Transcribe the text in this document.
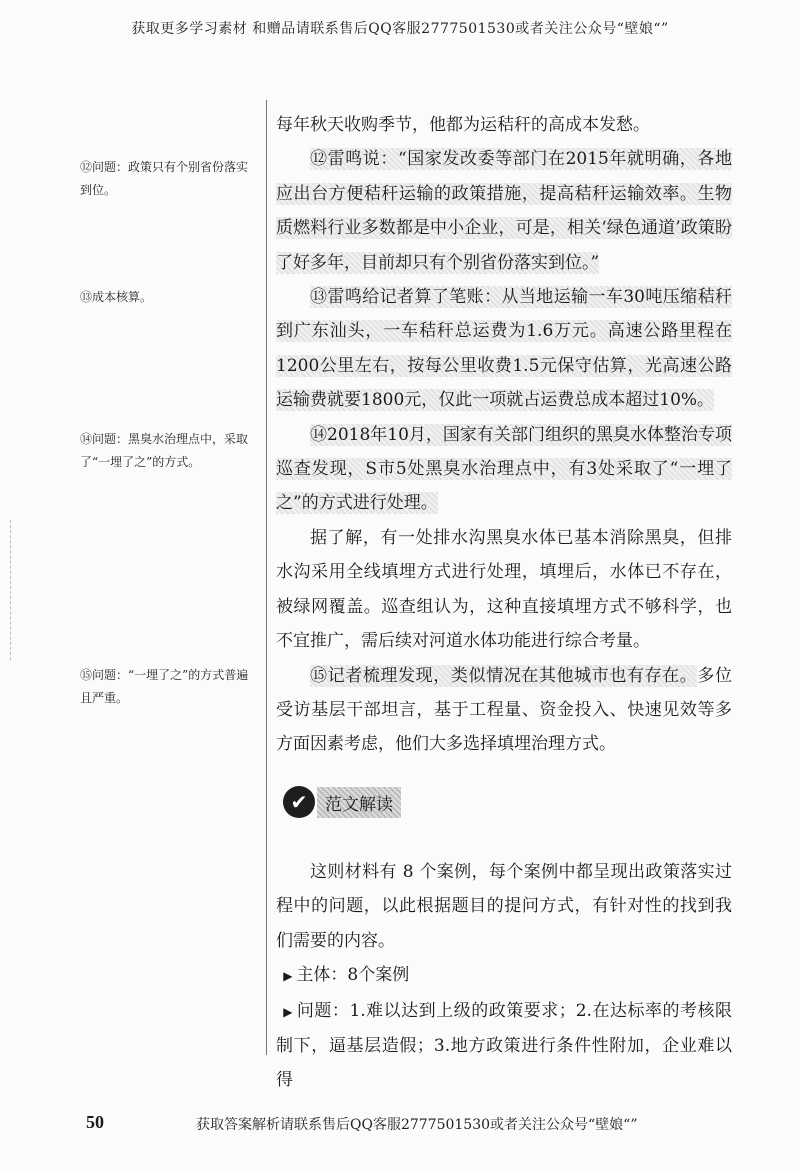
获取更多学习素材 和赠品请联系售后QQ客服2777501530或者关注公众号“壁娘“”
⑫问题：政策只有个别省份落实到位。
⑬成本核算。
⑭问题：黑臭水治理点中，采取了“一埋了之”的方式。
⑮问题：“一埋了之”的方式普遍且严重。

每年秋天收购季节，他都为运秸秆的高成本发愁。

⑫雷鸣说：“国家发改委等部门在2015年就明确，各地应出台方便秸秆运输的政策措施，提高秸秆运输效率。生物质燃料行业多数都是中小企业，可是，相关‘绿色通道’政策盼了好多年，目前却只有个别省份落实到位。”

⑬雷鸣给记者算了笔账：从当地运输一车30吨压缩秸秆到广东汕头，一车秸秆总运费为1.6万元。高速公路里程在1200公里左右，按每公里收费1.5元保守估算，光高速公路运输费就要1800元，仅此一项就占运费总成本超过10%。

⑭2018年10月，国家有关部门组织的黑臭水体整治专项巡查发现，S市5处黑臭水治理点中，有3处采取了“一埋了之”的方式进行处理。

据了解，有一处排水沟黑臭水体已基本消除黑臭，但排水沟采用全线填埋方式进行处理，填埋后，水体已不存在，被绿网覆盖。巡查组认为，这种直接填埋方式不够科学，也不宜推广，需后续对河道水体功能进行综合考量。

⑮记者梳理发现，类似情况在其他城市也有存在。多位受访基层干部坦言，基于工程量、资金投入、快速见效等多方面因素考虑，他们大多选择填埋治理方式。

✔	范文解读

这则材料有 8 个案例，每个案例中都呈现出政策落实过程中的问题，以此根据题目的提问方式，有针对性的找到我们需要的内容。

▶ 主体：8个案例

▶ 问题：1.难以达到上级的政策要求；2.在达标率的考核限制下，逼基层造假；3.地方政策进行条件性附加，企业难以得

50	获取答案解析请联系售后QQ客服2777501530或者关注公众号“壁娘“”
